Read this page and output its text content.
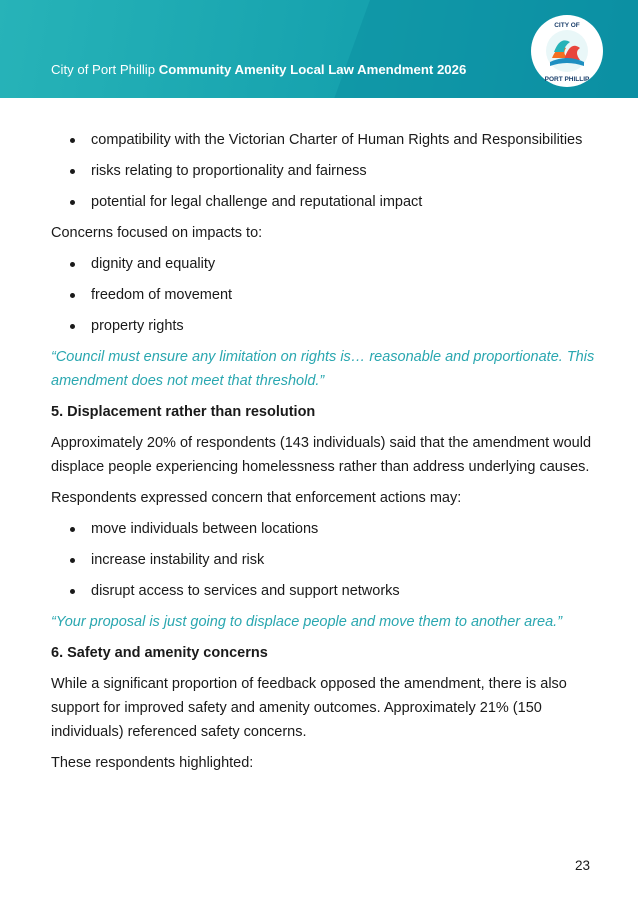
City of Port Phillip Community Amenity Local Law Amendment 2026
CITY OF
PORT PHILLIP
compatibility with the Victorian Charter of Human Rights and Responsibilities
risks relating to proportionality and fairness
potential for legal challenge and reputational impact

Concerns focused on impacts to:

dignity and equality
freedom of movement
property rights

“Council must ensure any limitation on rights is… reasonable and proportionate. This amendment does not meet that threshold.”

5. Displacement rather than resolution

Approximately 20% of respondents (143 individuals) said that the amendment would displace people experiencing homelessness rather than address underlying causes.

Respondents expressed concern that enforcement actions may:

move individuals between locations
increase instability and risk
disrupt access to services and support networks

“Your proposal is just going to displace people and move them to another area.”

6. Safety and amenity concerns

While a significant proportion of feedback opposed the amendment, there is also support for improved safety and amenity outcomes. Approximately 21% (150 individuals) referenced safety concerns.

These respondents highlighted:

23
